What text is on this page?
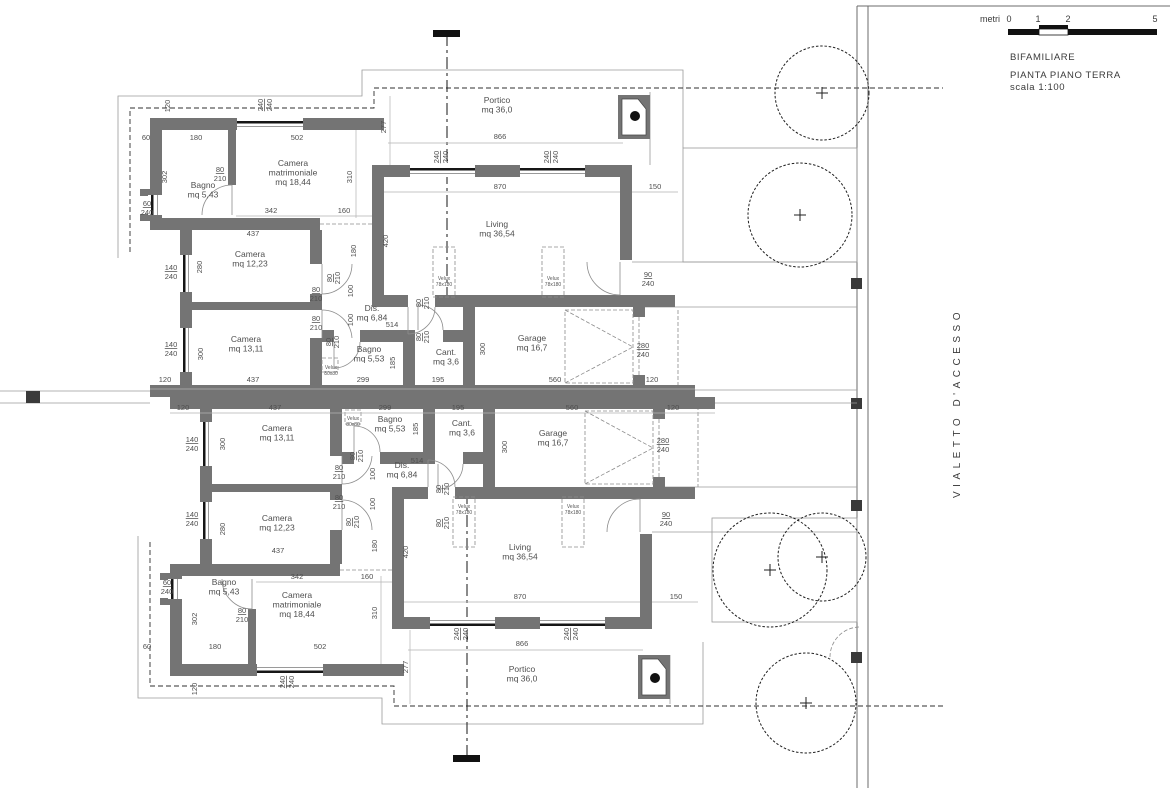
120	240 240
277
60	180	502	866
240 240	240 240
870	150
302
80
210	310
342	160
60
240
437
420
280
140
240
180
80 210
80
210
100
80
210
100	514
90
240
300
140
240
80 210
185
80 210
80 210
300	280
240
120	437	299	195	560	120
120	437	299	195	560	120
140
240	300
185
80 210	514
80
210	100
80
210	100
80 210
80 210
300
280
240
90
240
280
140
240	80 210
180	420
437
342	160
80
210
302
60
240
310
502
180
60
277
866
870	150
240 240	240 240
240 240
120
Portico mq 36,0
Camera matrimoniale mq 18,44
Bagno mq 5,43
Living mq 36,54
Camera mq 12,23
Camera mq 13,11
Dis. mq 6,84
Bagno mq 5,53
Cant. mq 3,6
Garage mq 16,7
Camera mq 13,11
Bagno mq 5,53
Cant. mq 3,6	Garage mq 16,7
Dis. mq 6,84
Camera mq 12,23
Bagno mq 5,43	Camera matrimoniale mq 18,44
Living mq 36,54
Portico mq 36,0
Velux 78x180
Velux 78x180
Velux 80x80
Velux 78x180
Velux 78x180
Velux 80x80	VIALETTO D'ACCESSO
metri 0	1	2	5
BIFAMILIARE
PIANTA PIANO TERRA
scala 1:100
